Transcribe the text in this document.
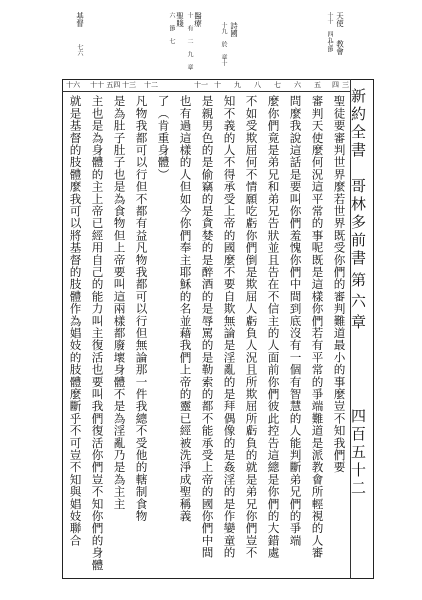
天使
十十 四九
教會
七節
詩國
十九 於 章十
醫療
十 有 二 九 章
聖賤
六 節 七
基督
七六
新約全書　哥林多前書
第六章
四百五十二
十六 十十 五四 十三 十二	十一 十 九 八 七 六 五 四 三
聖徒要審判世界麼若世界既受你們的審判難道最小的事麼豈不知我們要
審判天使麼何況這平常的事呢既是這樣你們若有平常的爭端難道是派教會所輕視的人審
問麼我說這話是要叫你們羞愧你們中間到底沒有一個有智慧的人能判斷弟兄們的爭端
麼你們竟是弟兄和弟兄告狀並且告在不信主的人面前你們彼此控告這總是你們的大錯處
不如受欺屈何不情願吃虧你們倒是欺屈人虧負人況且所欺屈所虧負的就是弟兄你們豈不
知不義的人不得承受上帝的國麼不要自欺無論是淫亂的是拜偶像的是姦淫的是作孌童的
是親男色的是偷竊的是貪婪的是醉酒的是辱罵的是勒索的都不能承受上帝的國你們中間
也有過這樣的人但如今你們奉主耶穌的名並藉我們上帝的靈已經被洗淨成聖稱義
了（肯重身體）
凡物我都可以行但不都有益凡物我都可以行但無論那一件我總不受他的轄制食物
是為肚子肚子也是為食物但上帝要叫這兩樣都廢壞身體不是為淫亂乃是為主主
主也是為身體的主上帝已經用自己的能力叫主復活也要叫我們復活你們豈不知你們的身體
就是基督的肢體麼我可以將基督的肢體作為娼妓的肢體麼斷乎不可豈不知與娼妓聯合
